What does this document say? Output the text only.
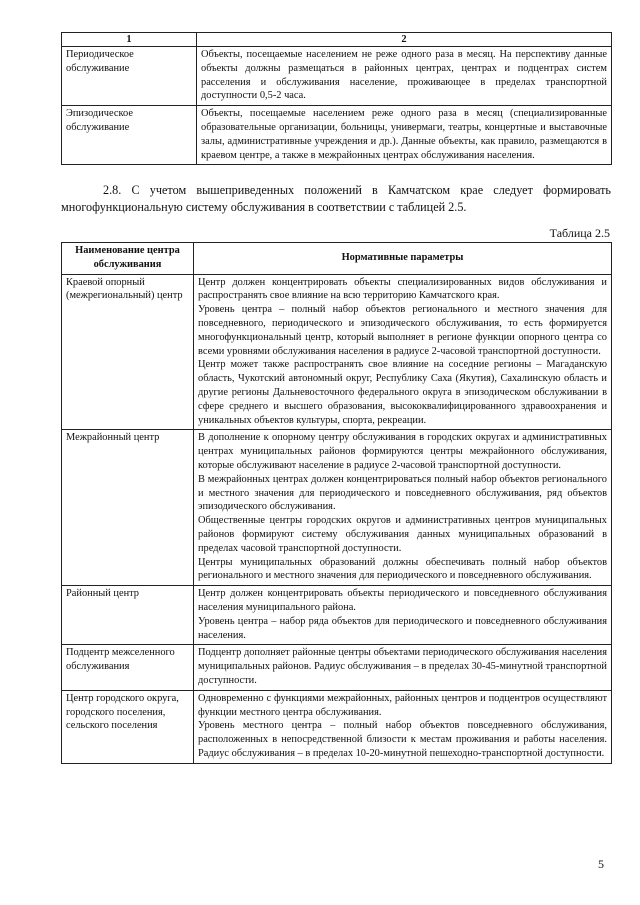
1	2
Периодическое обслуживание	Объекты, посещаемые населением не реже одного раза в месяц. На перспективу данные объекты должны размещаться в районных центрах, центрах и подцентрах систем расселения и обслуживания население, проживающее в пределах транспортной доступности 0,5-2 часа.
Эпизодическое обслуживание	Объекты, посещаемые населением реже одного раза в месяц (специализированные образовательные организации, больницы, универмаги, театры, концертные и выставочные залы, административные учреждения и др.). Данные объекты, как правило, размещаются в краевом центре, а также в межрайонных центрах обслуживания населения.

2.8. С учетом вышеприведенных положений в Камчатском крае следует формировать многофункциональную систему обслуживания в соответствии с таблицей 2.5.

Таблица 2.5
Наименование центра обслуживания	Нормативные параметры
Краевой опорный (межрегиональный) центр	Центр должен концентрировать объекты специализированных видов обслуживания и распространять свое влияние на всю территорию Камчатского края.

Уровень центра – полный набор объектов регионального и местного значения для повседневного, периодического и эпизодического обслуживания, то есть формируется многофункциональный центр, который выполняет в регионе функции опорного центра со всеми уровнями обслуживания населения в радиусе 2-часовой транспортной доступности.

Центр может также распространять свое влияние на соседние регионы – Магаданскую область, Чукотский автономный округ, Республику Саха (Якутия), Сахалинскую область и другие регионы Дальневосточного федерального округа в эпизодическом обслуживании в сфере среднего и высшего образования, высококвалифицированного здравоохранения и уникальных объектов культуры, спорта, рекреации.

Межрайонный центр	В дополнение к опорному центру обслуживания в городских округах и административных центрах муниципальных районов формируются центры межрайонного обслуживания, которые обслуживают население в радиусе 2-часовой транспортной доступности.

В межрайонных центрах должен концентрироваться полный набор объектов регионального и местного значения для периодического и повседневного обслуживания, ряд объектов эпизодического обслуживания.

Общественные центры городских округов и административных центров муниципальных районов формируют систему обслуживания данных муниципальных образований в пределах часовой транспортной доступности.

Центры муниципальных образований должны обеспечивать полный набор объектов регионального и местного значения для периодического и повседневного обслуживания.

Районный центр	Центр должен концентрировать объекты периодического и повседневного обслуживания населения муниципального района.

Уровень центра – набор ряда объектов для периодического и повседневного обслуживания населения.

Подцентр межселенного обслуживания	Подцентр дополняет районные центры объектами периодического обслуживания населения муниципальных районов. Радиус обслуживания – в пределах 30-45-минутной транспортной доступности.

Центр городского округа, городского поселения, сельского поселения	Одновременно с функциями межрайонных, районных центров и подцентров осуществляют функции местного центра обслуживания.

Уровень местного центра – полный набор объектов повседневного обслуживания, расположенных в непосредственной близости к местам проживания и работы населения. Радиус обслуживания – в пределах 10-20-минутной пешеходно-транспортной доступности.

5
